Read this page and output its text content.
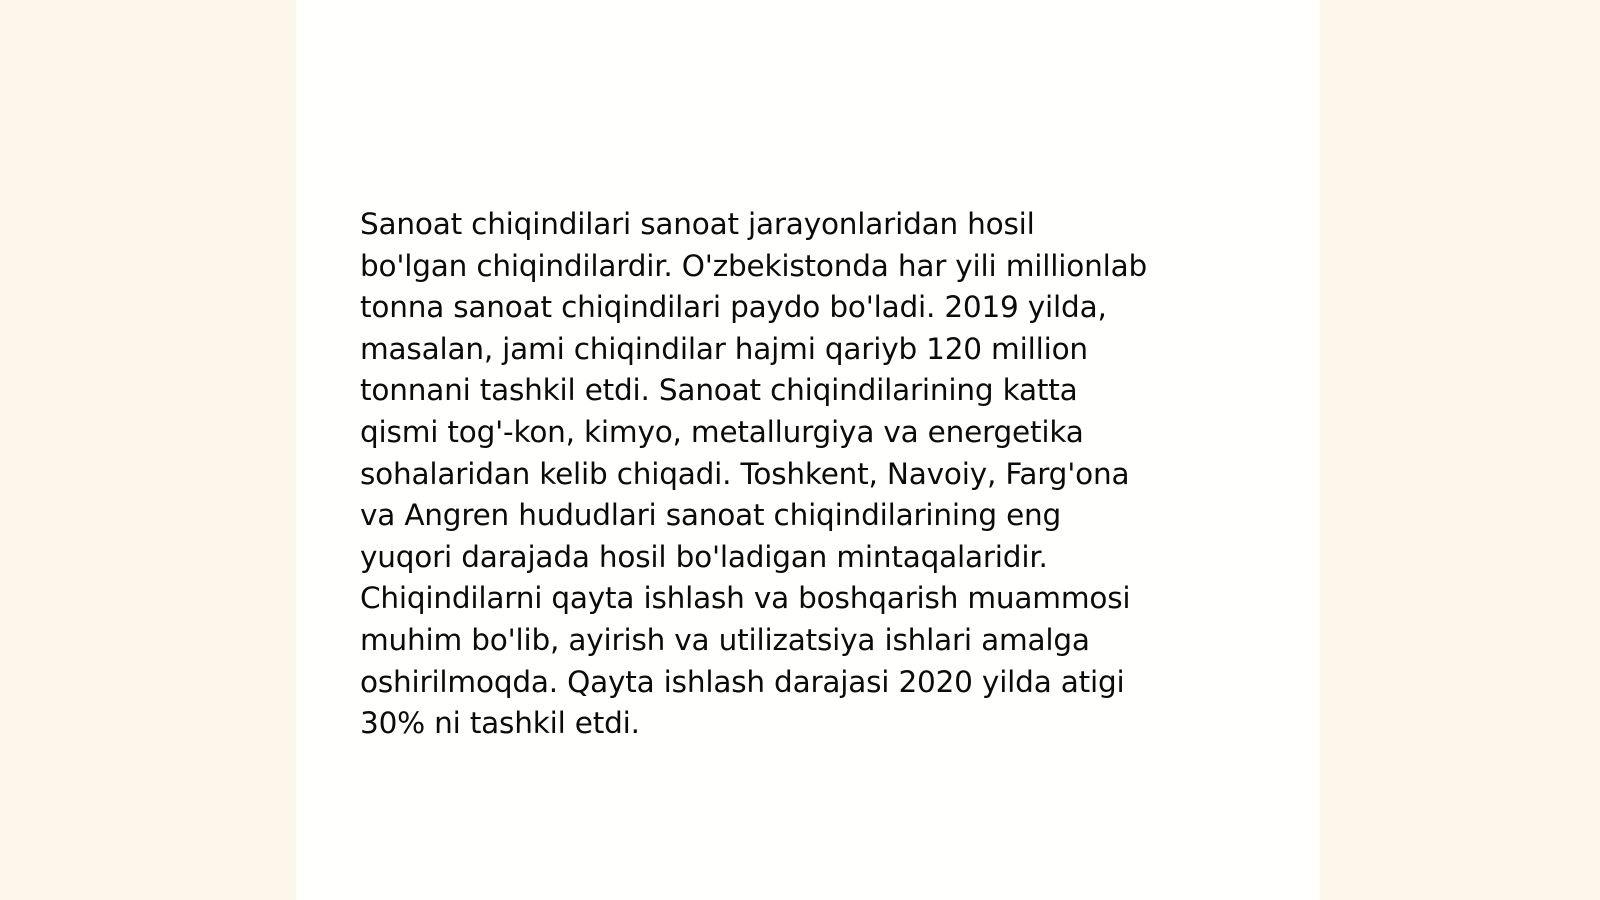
Sanoat chiqindilari sanoat jarayonlaridan hosil
bo'lgan chiqindilardir. O'zbekistonda har yili millionlab
tonna sanoat chiqindilari paydo bo'ladi. 2019 yilda,
masalan, jami chiqindilar hajmi qariyb 120 million
tonnani tashkil etdi. Sanoat chiqindilarining katta
qismi tog'-kon, kimyo, metallurgiya va energetika
sohalaridan kelib chiqadi. Toshkent, Navoiy, Farg'ona
va Angren hududlari sanoat chiqindilarining eng
yuqori darajada hosil bo'ladigan mintaqalaridir.
Chiqindilarni qayta ishlash va boshqarish muammosi
muhim bo'lib, ayirish va utilizatsiya ishlari amalga
oshirilmoqda. Qayta ishlash darajasi 2020 yilda atigi
30% ni tashkil etdi.
